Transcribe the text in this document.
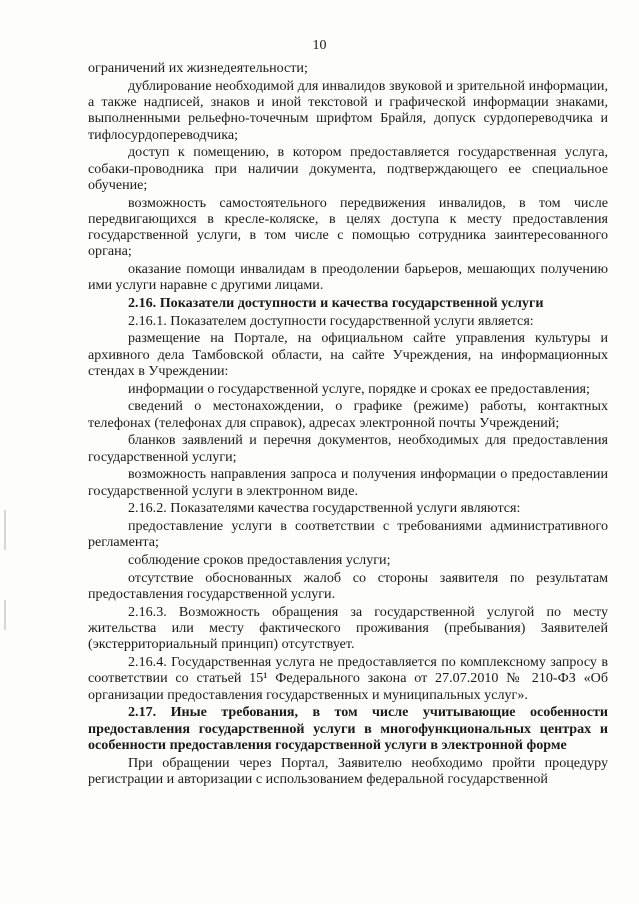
10

ограничений их жизнедеятельности;

дублирование необходимой для инвалидов звуковой и зрительной информации, а также надписей, знаков и иной текстовой и графической информации знаками, выполненными рельефно-точечным шрифтом Брайля, допуск сурдопереводчика и тифлосурдопереводчика;

доступ к помещению, в котором предоставляется государственная услуга, собаки-проводника при наличии документа, подтверждающего ее специальное обучение;

возможность самостоятельного передвижения инвалидов, в том числе передвигающихся в кресле-коляске, в целях доступа к месту предоставления государственной услуги, в том числе с помощью сотрудника заинтересованного органа;

оказание помощи инвалидам в преодолении барьеров, мешающих получению ими услуги наравне с другими лицами.

2.16. Показатели доступности и качества государственной услуги

2.16.1. Показателем доступности государственной услуги является:

размещение на Портале, на официальном сайте управления культуры и архивного дела Тамбовской области, на сайте Учреждения, на информационных стендах в Учреждении:

информации о государственной услуге, порядке и сроках ее предоставления;

сведений о местонахождении, о графике (режиме) работы, контактных телефонах (телефонах для справок), адресах электронной почты Учреждений;

бланков заявлений и перечня документов, необходимых для предоставления государственной услуги;

возможность направления запроса и получения информации о предоставлении государственной услуги в электронном виде.

2.16.2. Показателями качества государственной услуги являются:

предоставление услуги в соответствии с требованиями административного регламента;

соблюдение сроков предоставления услуги;

отсутствие обоснованных жалоб со стороны заявителя по результатам предоставления государственной услуги.

2.16.3. Возможность обращения за государственной услугой по месту жительства или месту фактического проживания (пребывания) Заявителей (экстерриториальный принцип) отсутствует.

2.16.4. Государственная услуга не предоставляется по комплексному запросу в соответствии со статьей 15¹ Федерального закона от 27.07.2010 № 210-ФЗ «Об организации предоставления государственных и муниципальных услуг».

2.17. Иные требования, в том числе учитывающие особенности предоставления государственной услуги в многофункциональных центрах и особенности предоставления государственной услуги в электронной форме

При обращении через Портал, Заявителю необходимо пройти процедуру регистрации и авторизации с использованием федеральной государственной
